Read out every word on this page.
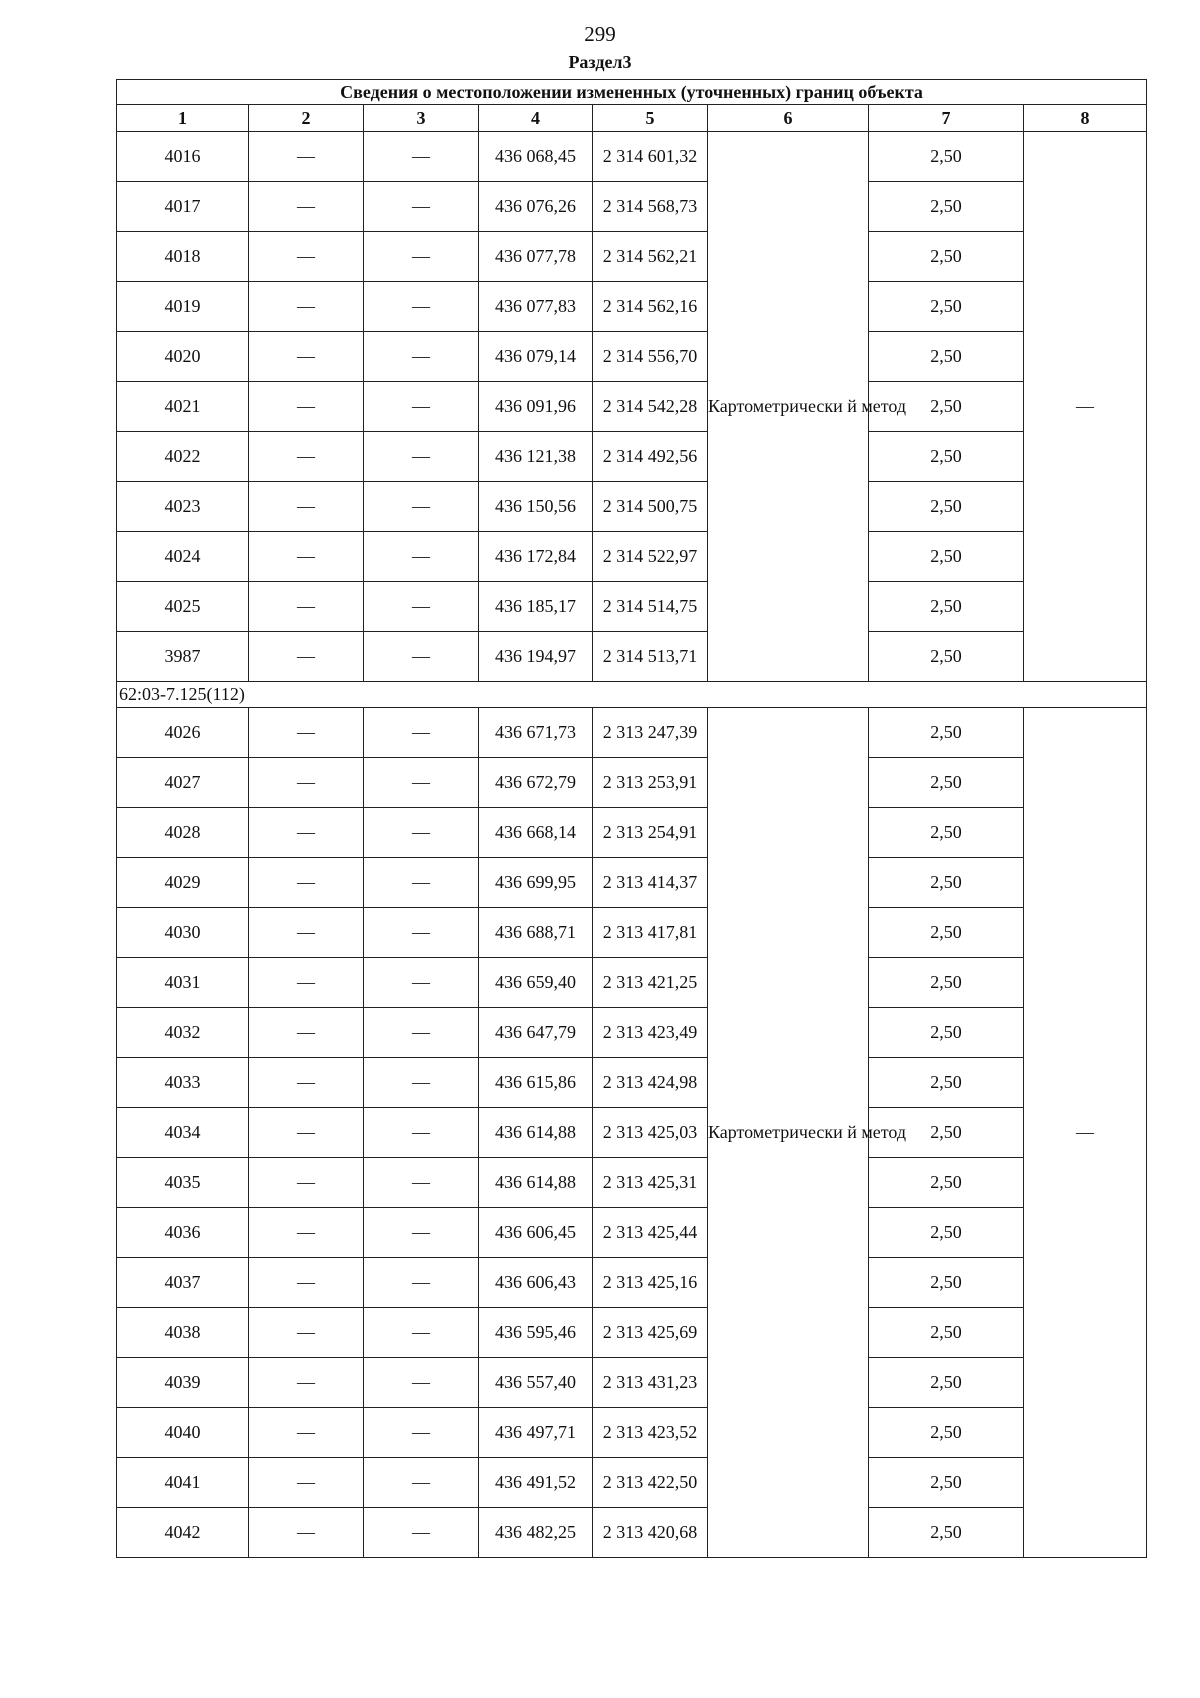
299
Раздел3
Сведения о местоположении измененных (уточненных) границ объекта							
1	2	3	4	5	6	7	8
4016	—	—	436 068,45	2 314 601,32	Картометрически й метод	2,50	—
4017	—	—	436 076,26	2 314 568,73		2,50	
4018	—	—	436 077,78	2 314 562,21		2,50	
4019	—	—	436 077,83	2 314 562,16		2,50	
4020	—	—	436 079,14	2 314 556,70		2,50	
4021	—	—	436 091,96	2 314 542,28		2,50	
4022	—	—	436 121,38	2 314 492,56		2,50	
4023	—	—	436 150,56	2 314 500,75		2,50	
4024	—	—	436 172,84	2 314 522,97		2,50	
4025	—	—	436 185,17	2 314 514,75		2,50	
3987	—	—	436 194,97	2 314 513,71		2,50	
62:03-7.125(112)							
4026	—	—	436 671,73	2 313 247,39	Картометрически й метод	2,50	—
4027	—	—	436 672,79	2 313 253,91		2,50	
4028	—	—	436 668,14	2 313 254,91		2,50	
4029	—	—	436 699,95	2 313 414,37		2,50	
4030	—	—	436 688,71	2 313 417,81		2,50	
4031	—	—	436 659,40	2 313 421,25		2,50	
4032	—	—	436 647,79	2 313 423,49		2,50	
4033	—	—	436 615,86	2 313 424,98		2,50	
4034	—	—	436 614,88	2 313 425,03		2,50	
4035	—	—	436 614,88	2 313 425,31		2,50	
4036	—	—	436 606,45	2 313 425,44		2,50	
4037	—	—	436 606,43	2 313 425,16		2,50	
4038	—	—	436 595,46	2 313 425,69		2,50	
4039	—	—	436 557,40	2 313 431,23		2,50	
4040	—	—	436 497,71	2 313 423,52		2,50	
4041	—	—	436 491,52	2 313 422,50		2,50	
4042	—	—	436 482,25	2 313 420,68		2,50	
